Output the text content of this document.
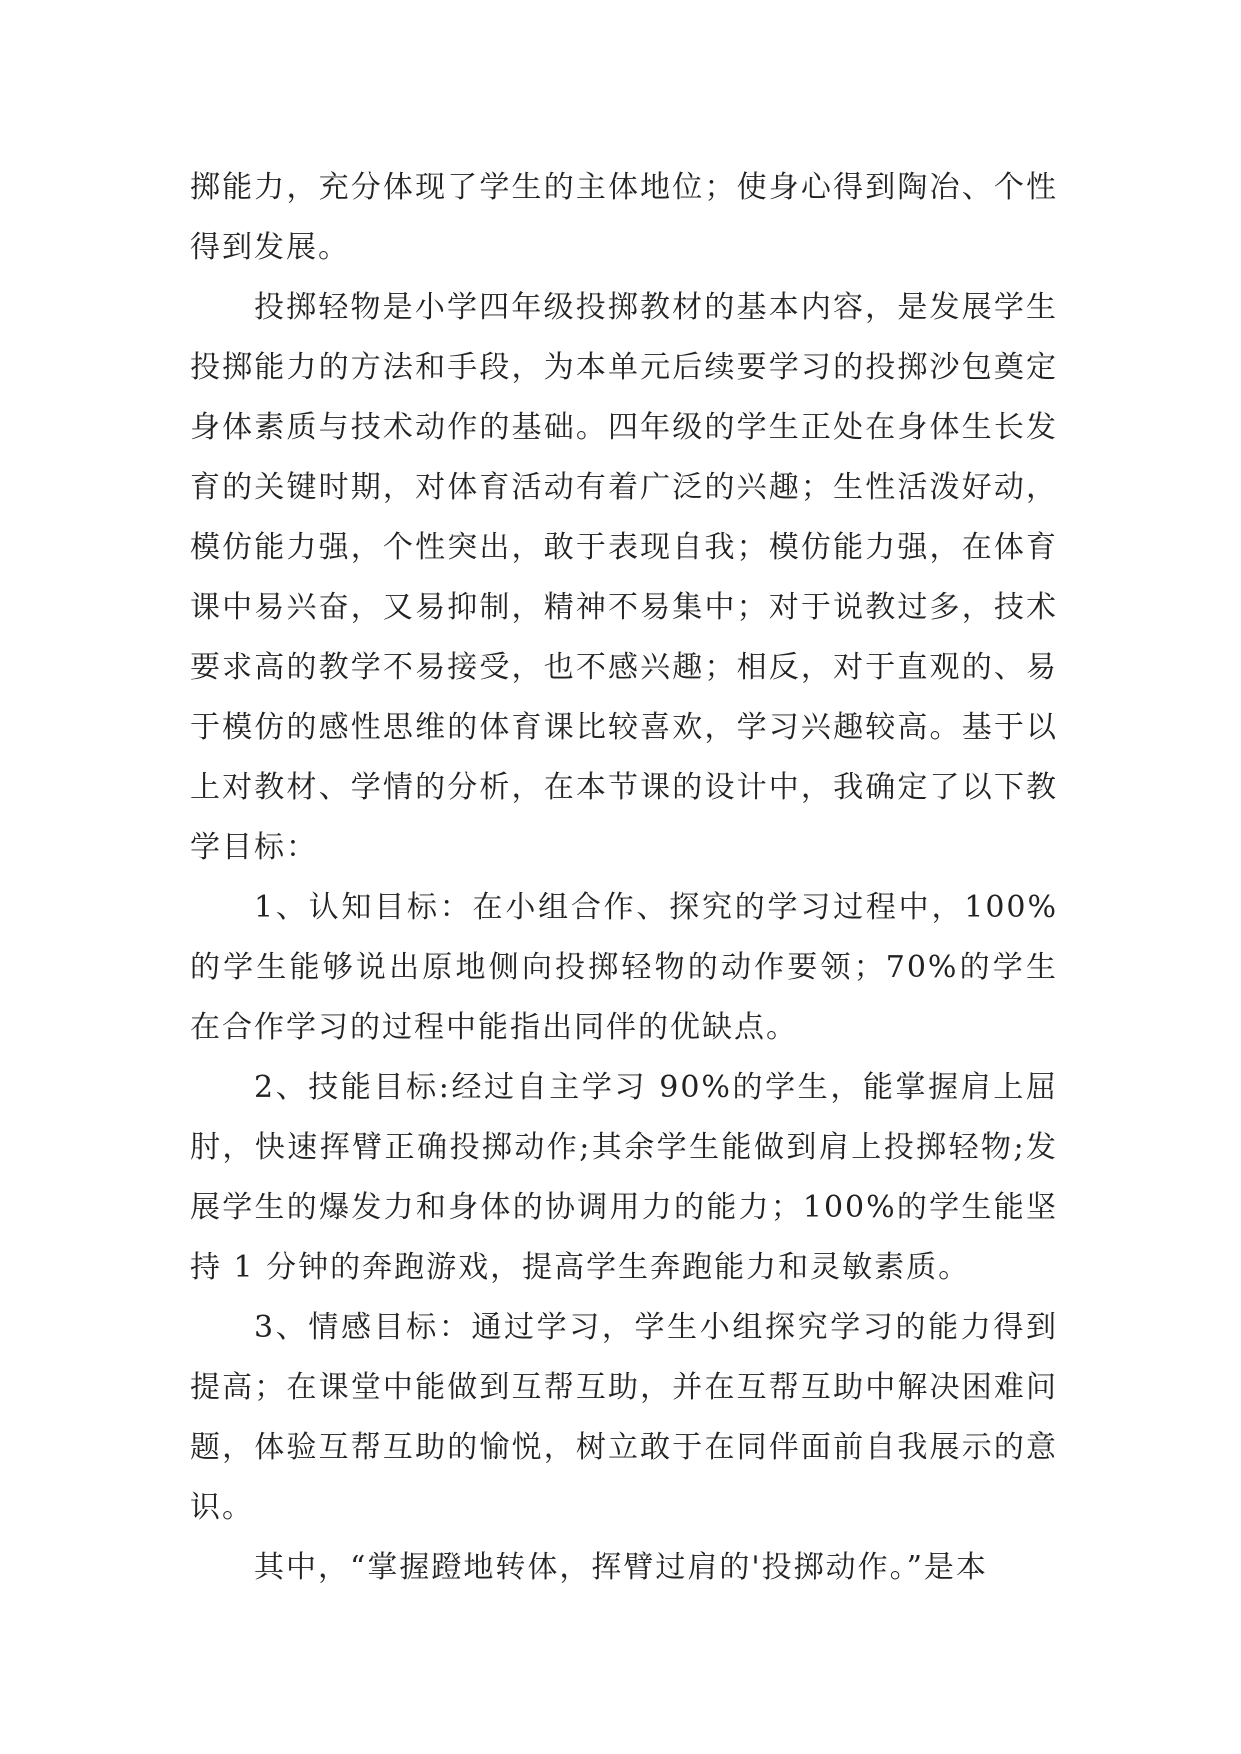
掷能力，充分体现了学生的主体地位；使身心得到陶冶、个性得到发展。

投掷轻物是小学四年级投掷教材的基本内容，是发展学生投掷能力的方法和手段，为本单元后续要学习的投掷沙包奠定身体素质与技术动作的基础。四年级的学生正处在身体生长发育的关键时期，对体育活动有着广泛的兴趣；生性活泼好动，模仿能力强，个性突出，敢于表现自我；模仿能力强，在体育课中易兴奋，又易抑制，精神不易集中；对于说教过多，技术要求高的教学不易接受，也不感兴趣；相反，对于直观的、易于模仿的感性思维的体育课比较喜欢，学习兴趣较高。基于以上对教材、学情的分析，在本节课的设计中，我确定了以下教学目标：

1、认知目标：在小组合作、探究的学习过程中，100%的学生能够说出原地侧向投掷轻物的动作要领；70%的学生在合作学习的过程中能指出同伴的优缺点。

2、技能目标:经过自主学习 90%的学生，能掌握肩上屈肘，快速挥臂正确投掷动作;其余学生能做到肩上投掷轻物;发展学生的爆发力和身体的协调用力的能力；100%的学生能坚持 1 分钟的奔跑游戏，提高学生奔跑能力和灵敏素质。

3、情感目标：通过学习，学生小组探究学习的能力得到提高；在课堂中能做到互帮互助，并在互帮互助中解决困难问题，体验互帮互助的愉悦，树立敢于在同伴面前自我展示的意识。

其中，“掌握蹬地转体，挥臂过肩的'投掷动作。”是本
